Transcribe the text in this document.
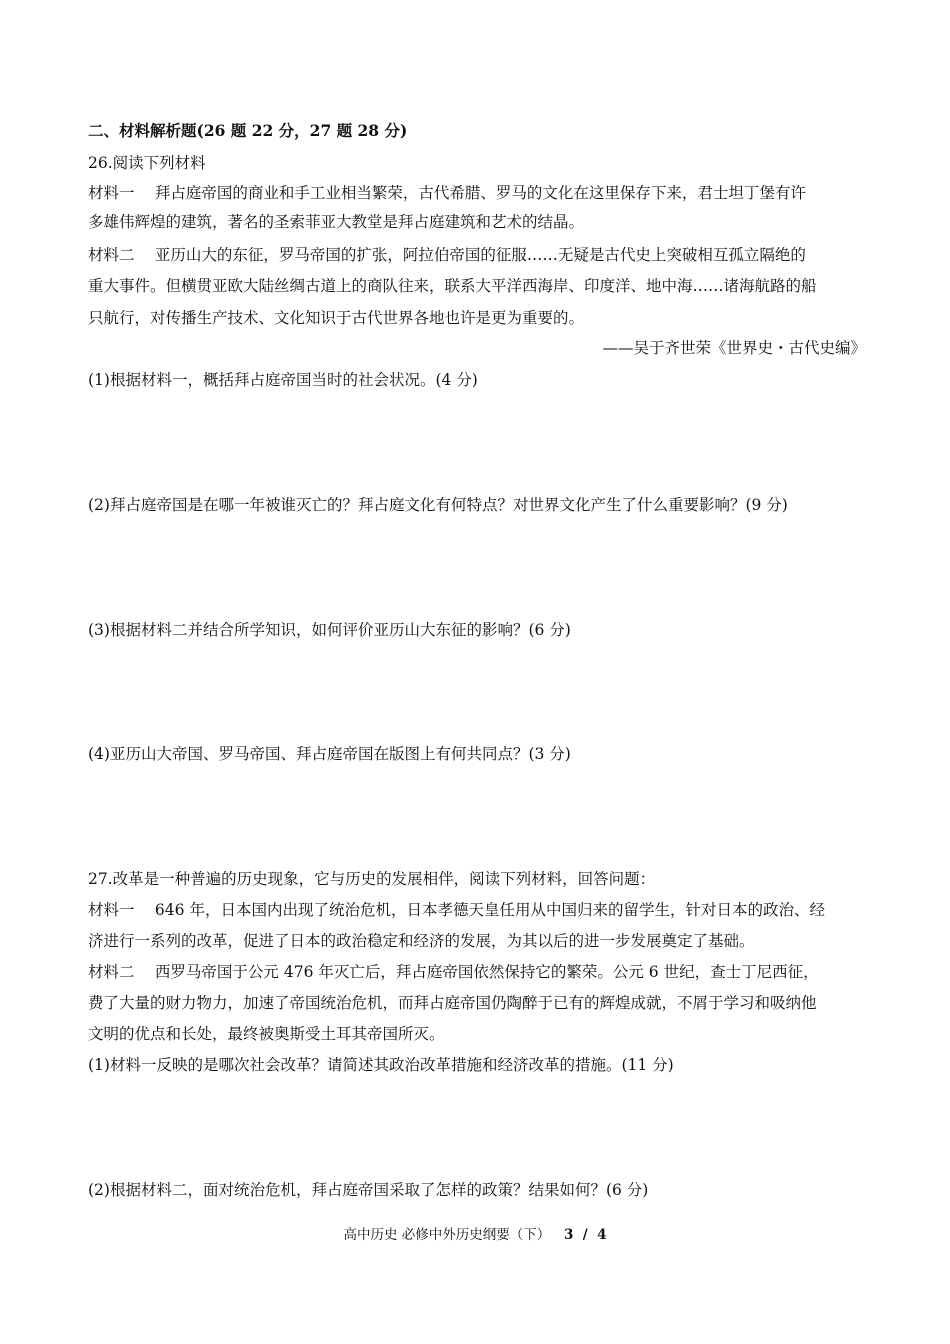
二、材料解析题(26 题 22 分，27 题 28 分)
26.阅读下列材料
材料一　 拜占庭帝国的商业和手工业相当繁荣，古代希腊、罗马的文化在这里保存下来，君士坦丁堡有许
多雄伟辉煌的建筑，著名的圣索菲亚大教堂是拜占庭建筑和艺术的结晶。
材料二　 亚历山大的东征，罗马帝国的扩张，阿拉伯帝国的征服……无疑是古代史上突破相互孤立隔绝的
重大事件。但横贯亚欧大陆丝绸古道上的商队往来，联系大平洋西海岸、印度洋、地中海……诸海航路的船
只航行，对传播生产技术、文化知识于古代世界各地也许是更为重要的。
——吴于齐世荣《世界史・古代史编》
(1)根据材料一，概括拜占庭帝国当时的社会状况。(4 分)
(2)拜占庭帝国是在哪一年被谁灭亡的？拜占庭文化有何特点？对世界文化产生了什么重要影响？(9 分)
(3)根据材料二并结合所学知识，如何评价亚历山大东征的影响？(6 分)
(4)亚历山大帝国、罗马帝国、拜占庭帝国在版图上有何共同点？(3 分)
27.改革是一种普遍的历史现象，它与历史的发展相伴，阅读下列材料，回答问题：
材料一　 646 年，日本国内出现了统治危机，日本孝德天皇任用从中国归来的留学生，针对日本的政治、经
济进行一系列的改革，促进了日本的政治稳定和经济的发展，为其以后的进一步发展奠定了基础。
材料二　 西罗马帝国于公元 476 年灭亡后，拜占庭帝国依然保持它的繁荣。公元 6 世纪，查士丁尼西征，
费了大量的财力物力，加速了帝国统治危机，而拜占庭帝国仍陶醉于已有的辉煌成就，不屑于学习和吸纳他
文明的优点和长处，最终被奥斯受土耳其帝国所灭。
(1)材料一反映的是哪次社会改革？请简述其政治改革措施和经济改革的措施。(11 分)
(2)根据材料二，面对统治危机，拜占庭帝国采取了怎样的政策？结果如何？(6 分)
高中历史 必修中外历史纲要（下） 3 / 4
